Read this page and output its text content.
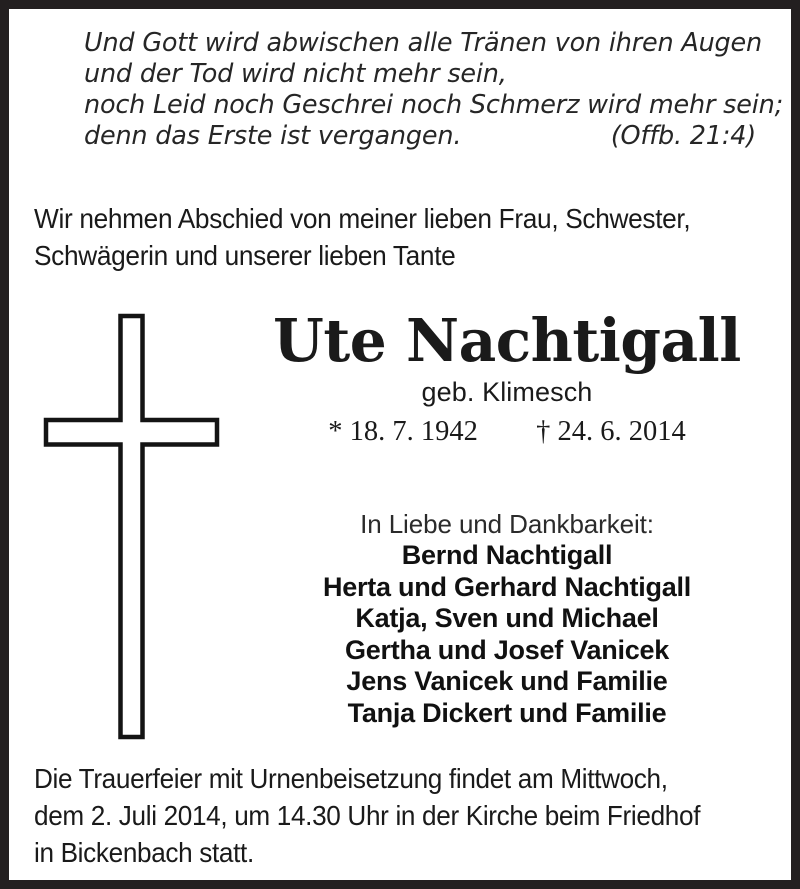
Und Gott wird abwischen alle Tränen von ihren Augen
und der Tod wird nicht mehr sein,
noch Leid noch Geschrei noch Schmerz wird mehr sein;
denn das Erste ist vergangen.	(Offb. 21:4)
Wir nehmen Abschied von meiner lieben Frau, Schwester,
Schwägerin und unserer lieben Tante
Ute Nachtigall
geb. Klimesch
* 18. 7. 1942 † 24. 6. 2014
In Liebe und Dankbarkeit:
Bernd Nachtigall
Herta und Gerhard Nachtigall
Katja, Sven und Michael
Gertha und Josef Vanicek
Jens Vanicek und Familie
Tanja Dickert und Familie
Die Trauerfeier mit Urnenbeisetzung findet am Mittwoch,
dem 2. Juli 2014, um 14.30 Uhr in der Kirche beim Friedhof
in Bickenbach statt.
